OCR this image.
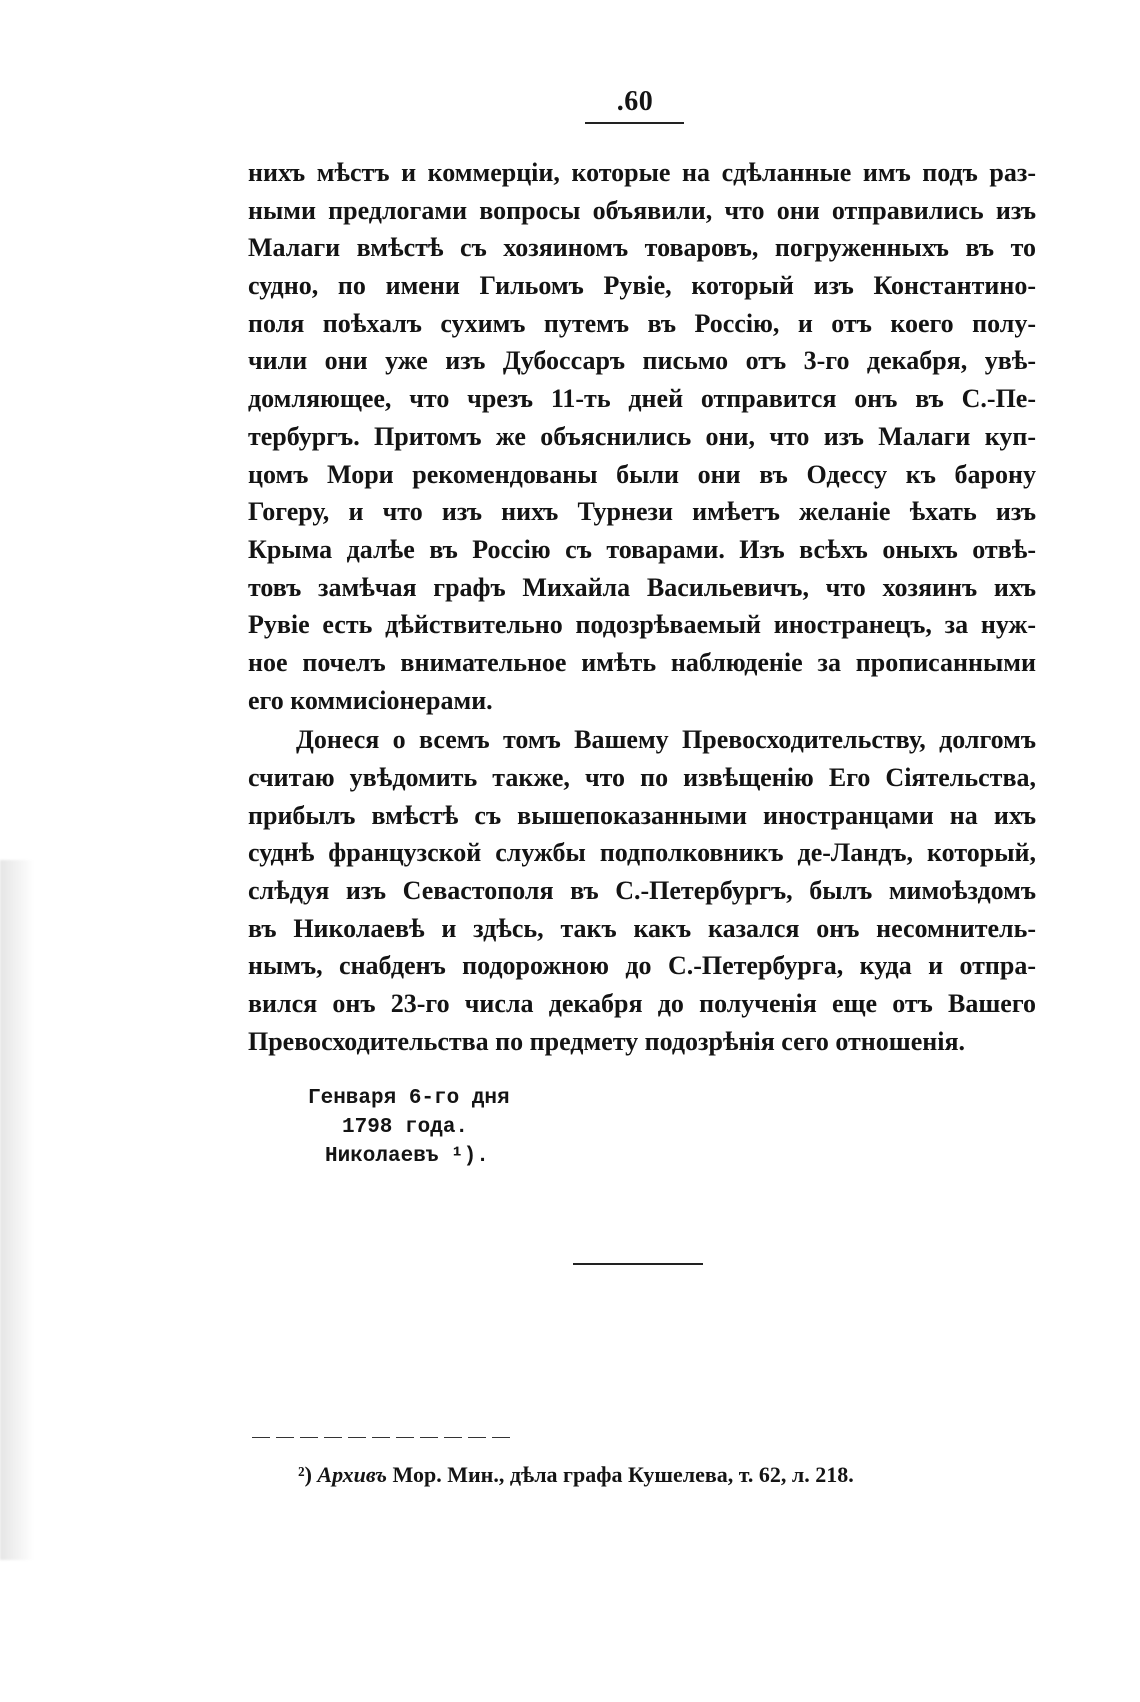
.60
нихъ мѣстъ и коммерціи, которые на сдѣланные имъ подъ раз-
ными предлогами вопросы объявили, что они отправились изъ
Малаги вмѣстѣ съ хозяиномъ товаровъ, погруженныхъ въ то
судно, по имени Гильомъ Рувіе, который изъ Константино-
поля поѣхалъ сухимъ путемъ въ Россію, и отъ коего полу-
чили они уже изъ Дубоссаръ письмо отъ 3-го декабря, увѣ-
домляющее, что чрезъ 11-ть дней отправится онъ въ С.-Пе-
тербургъ. Притомъ же объяснились они, что изъ Малаги куп-
цомъ Мори рекомендованы были они въ Одессу къ барону
Гогеру, и что изъ нихъ Турнези имѣетъ желаніе ѣхать изъ
Крыма далѣе въ Россію съ товарами. Изъ всѣхъ оныхъ отвѣ-
товъ замѣчая графъ Михайла Васильевичъ, что хозяинъ ихъ
Рувіе есть дѣйствительно подозрѣваемый иностранецъ, за нуж-
ное почелъ внимательное имѣть наблюденіе за прописанными
его коммисіонерами.
Донеся о всемъ томъ Вашему Превосходительству, долгомъ
считаю увѣдомить также, что по извѣщенію Его Сіятельства,
прибылъ вмѣстѣ съ вышепоказанными иностранцами на ихъ
суднѣ французской службы подполковникъ де-Ландъ, который,
слѣдуя изъ Севастополя въ С.-Петербургъ, былъ мимоѣздомъ
въ Николаевѣ и здѣсь, такъ какъ казался онъ несомнитель-
нымъ, снабденъ подорожною до С.-Петербурга, куда и отпра-
вился онъ 23-го числа декабря до полученія еще отъ Вашего
Превосходительства по предмету подозрѣнія сего отношенія.
Генваря 6-го дня
1798 года.
Николаевъ ¹).
²) Архивъ Мор. Мин., дѣла графа Кушелева, т. 62, л. 218.
